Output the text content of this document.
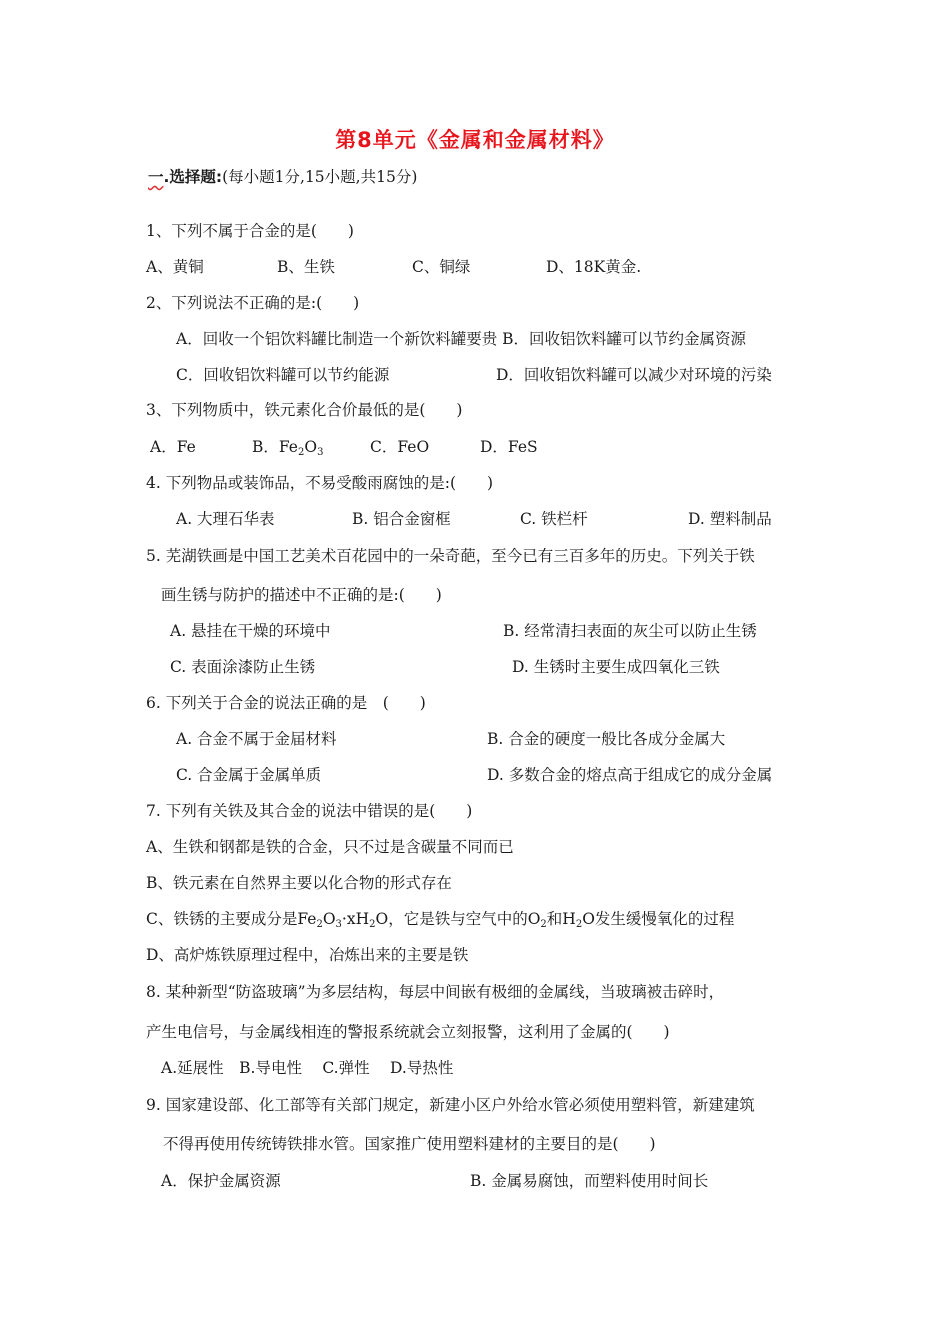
第8单元《金属和金属材料》
一.选择题:(每小题1分,15小题,共15分)
1、下列不属于合金的是(　　)
A、黄铜	B、生铁	C、铜绿	D、18K黄金.
2、下列说法不正确的是:(　　)
A．回收一个铝饮料罐比制造一个新饮料罐要贵 B．回收铝饮料罐可以节约金属资源
C．回收铝饮料罐可以节约能源	D．回收铝饮料罐可以减少对环境的污染
3、下列物质中，铁元素化合价最低的是(　　)
A．Fe	B．$Fe_2O_3$	C．FeO	D．FeS
4. 下列物品或装饰品，不易受酸雨腐蚀的是:(　　)
A. 大理石华表	B. 铝合金窗框	C. 铁栏杆	D. 塑料制品
5. 芜湖铁画是中国工艺美术百花园中的一朵奇葩，至今已有三百多年的历史。下列关于铁
画生锈与防护的描述中不正确的是:(　　)
A. 悬挂在干燥的环境中	B. 经常清扫表面的灰尘可以防止生锈
C. 表面涂漆防止生锈	D. 生锈时主要生成四氧化三铁
6. 下列关于合金的说法正确的是　(　　)
A. 合金不属于金届材料	B. 合金的硬度一般比各成分金属大
C. 合金属于金属单质	D. 多数合金的熔点高于组成它的成分金属
7. 下列有关铁及其合金的说法中错误的是(　　)
A、生铁和钢都是铁的合金，只不过是含碳量不同而已
B、铁元素在自然界主要以化合物的形式存在
C、铁锈的主要成分是$Fe_2O_3\cdot xH_2O$，它是铁与空气中的$O_2$和$H_2O$发生缓慢氧化的过程
D、高炉炼铁原理过程中，冶炼出来的主要是铁
8. 某种新型“防盗玻璃”为多层结构，每层中间嵌有极细的金属线，当玻璃被击碎时，
产生电信号，与金属线相连的警报系统就会立刻报警，这利用了金属的(　　)
A.延展性　B.导电性　 C.弹性　 D.导热性
9. 国家建设部、化工部等有关部门规定，新建小区户外给水管必须使用塑料管，新建建筑
不得再使用传统铸铁排水管。国家推广使用塑料建材的主要目的是(　　)
A．保护金属资源	B. 金属易腐蚀，而塑料使用时间长
